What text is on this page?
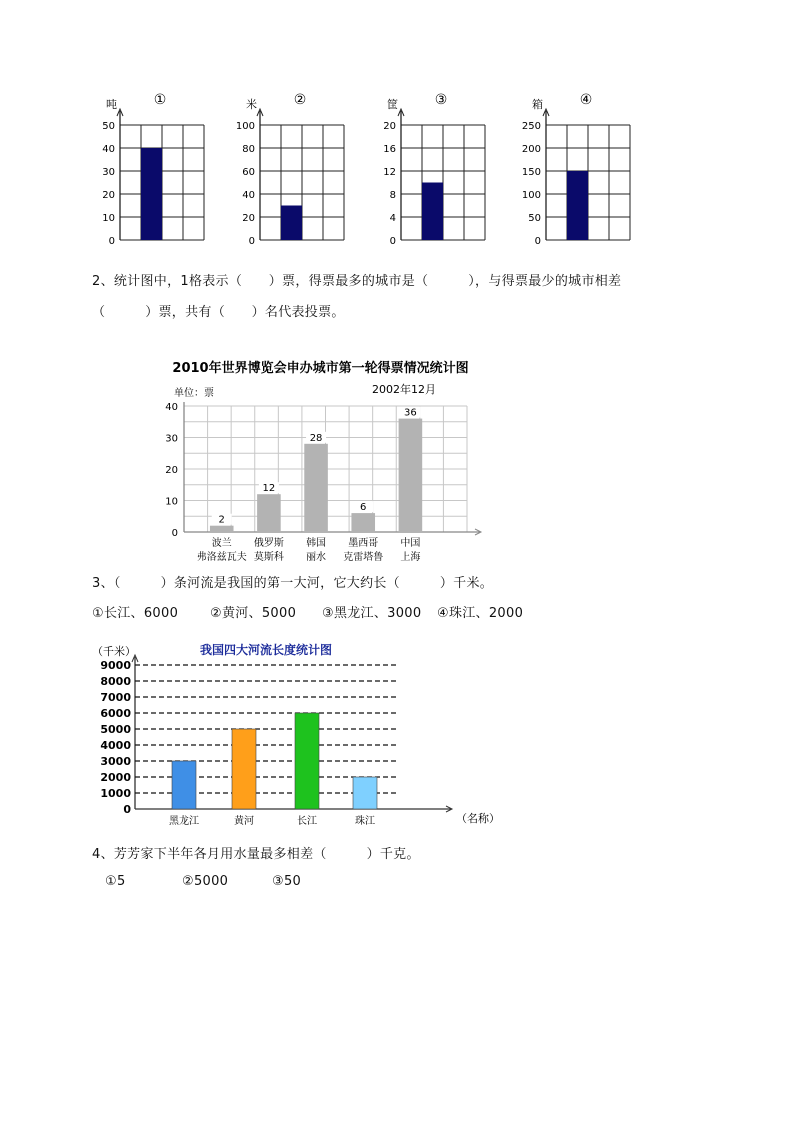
①
吨
0
10
20
30
40
50
②
米
0
20
40
60
80
100
③
筐
0
4
8
12
16
20
④
箱
0
50
100
150
200
250
2、统计图中，1格表示（　　）票，得票最多的城市是（　　　），与得票最少的城市相差
（　　　）票，共有（　　）名代表投票。
2010年世界博览会申办城市第一轮得票情况统计图
单位：票	2002年12月
0
10
20
30
40
2
波兰
弗洛兹瓦夫
12
俄罗斯
莫斯科
28
韩国
丽水
6
墨西哥
克雷塔鲁
36
中国
上海
3、（　　　）条河流是我国的第一大河，它大约长（　　　）千米。
①长江、6000 ②黄河、5000 ③黑龙江、3000 ④珠江、2000
我国四大河流长度统计图
（千米）
（名称）
0
1000
2000
3000
4000
5000
6000
7000
8000
9000
黑龙江	黄河	长江	珠江
4、芳芳家下半年各月用水量最多相差（　　　）千克。
①5	②5000	③50
